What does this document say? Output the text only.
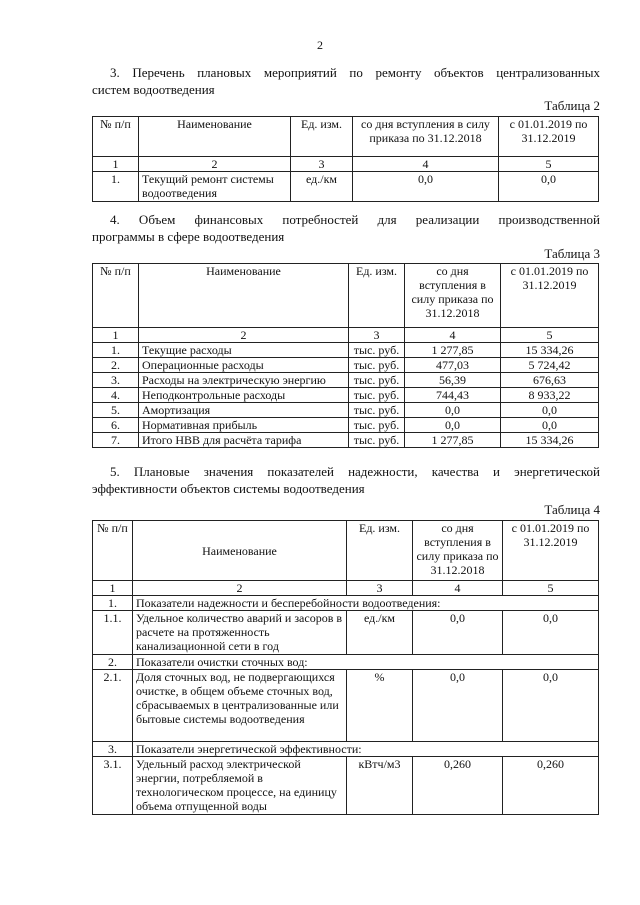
2
3. Перечень плановых мероприятий по ремонту объектов централизованных
систем водоотведения
Таблица 2
№ п/п	Наименование	Ед. изм.	со дня вступления в силу приказа по 31.12.2018	с 01.01.2019 по 31.12.2019
1	2	3	4	5
1.	Текущий ремонт системы водоотведения	ед./км	0,0	0,0
4. Объем финансовых потребностей для реализации производственной
программы в сфере водоотведения
Таблица 3
№ п/п	Наименование	Ед. изм.	со дня вступления в силу приказа по 31.12.2018	с 01.01.2019 по 31.12.2019
1	2	3	4	5
1.	Текущие расходы	тыс. руб.	1 277,85	15 334,26
2.	Операционные расходы	тыс. руб.	477,03	5 724,42
3.	Расходы на электрическую энергию	тыс. руб.	56,39	676,63
4.	Неподконтрольные расходы	тыс. руб.	744,43	8 933,22
5.	Амортизация	тыс. руб.	0,0	0,0
6.	Нормативная прибыль	тыс. руб.	0,0	0,0
7.	Итого НВВ для расчёта тарифа	тыс. руб.	1 277,85	15 334,26
5. Плановые значения показателей надежности, качества и энергетической
эффективности объектов системы водоотведения
Таблица 4
№ п/п	Наименование	Ед. изм.	со дня вступления в силу приказа по 31.12.2018	с 01.01.2019 по 31.12.2019
1	2	3	4	5
1.	Показатели надежности и бесперебойности водоотведения:			
1.1.	Удельное количество аварий и засоров в расчете на протяженность канализационной сети в год	ед./км	0,0	0,0
2.	Показатели очистки сточных вод:			
2.1.	Доля сточных вод, не подвергающихся очистке, в общем объеме сточных вод, сбрасываемых в централизованные или бытовые системы водоотведения	%	0,0	0,0
3.	Показатели энергетической эффективности:			
3.1.	Удельный расход электрической энергии, потребляемой в технологическом процессе, на единицу объема отпущенной воды	кВтч/м3	0,260	0,260
